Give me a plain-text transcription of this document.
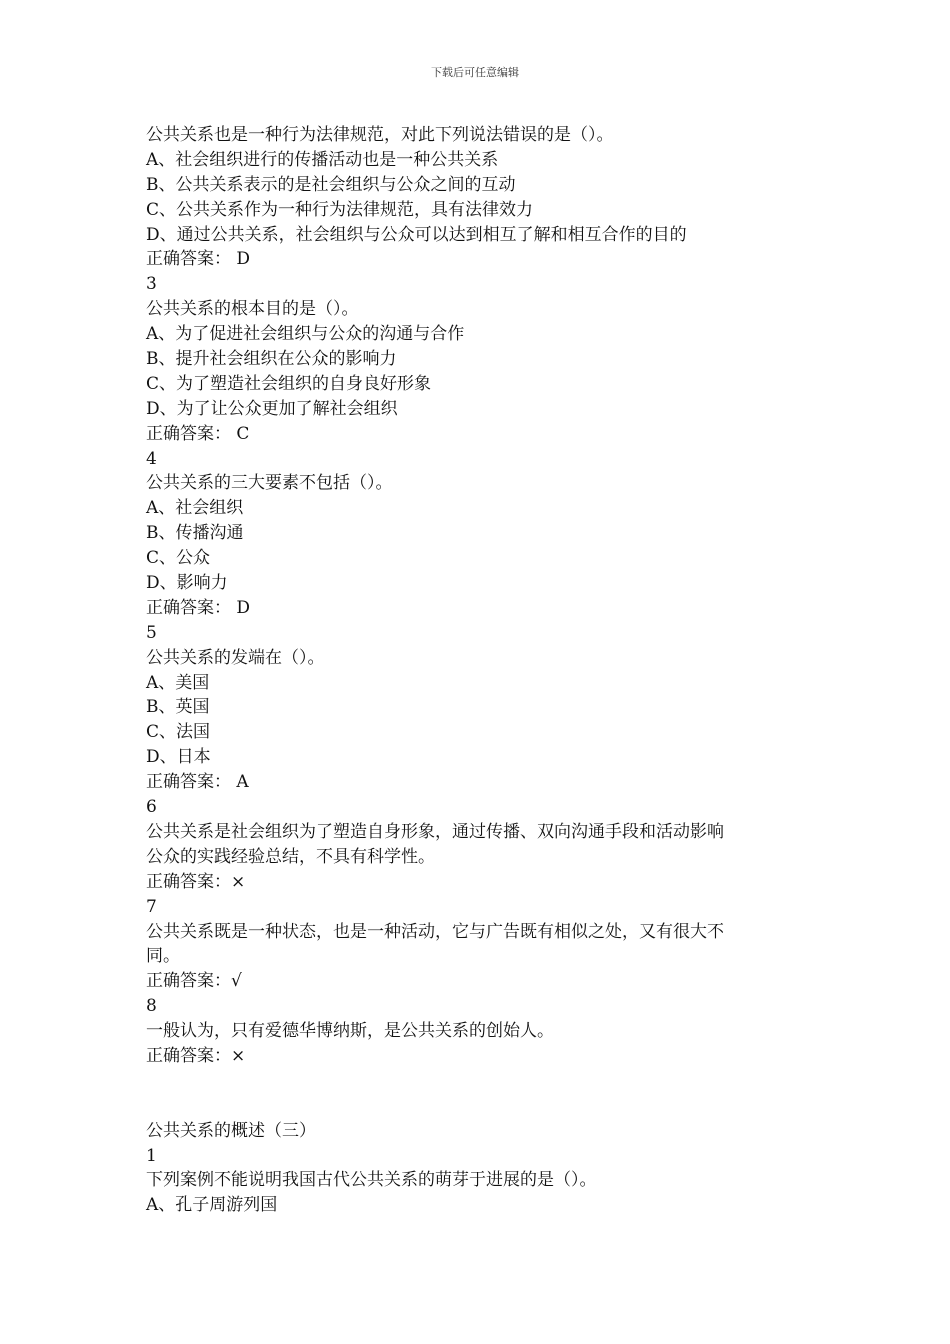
下载后可任意编辑
公共关系也是一种行为法律规范，对此下列说法错误的是（）。
A、社会组织进行的传播活动也是一种公共关系
B、公共关系表示的是社会组织与公众之间的互动
C、公共关系作为一种行为法律规范，具有法律效力
D、通过公共关系，社会组织与公众可以达到相互了解和相互合作的目的
正确答案： D
3
公共关系的根本目的是（）。
A、为了促进社会组织与公众的沟通与合作
B、提升社会组织在公众的影响力
C、为了塑造社会组织的自身良好形象
D、为了让公众更加了解社会组织
正确答案： C
4
公共关系的三大要素不包括（）。
A、社会组织
B、传播沟通
C、公众
D、影响力
正确答案： D
5
公共关系的发端在（）。
A、美国
B、英国
C、法国
D、日本
正确答案： A
6
公共关系是社会组织为了塑造自身形象，通过传播、双向沟通手段和活动影响
公众的实践经验总结，不具有科学性。
正确答案：×
7
公共关系既是一种状态，也是一种活动，它与广告既有相似之处，又有很大不
同。
正确答案：√
8
一般认为，只有爱德华博纳斯，是公共关系的创始人。
正确答案：×
公共关系的概述（三）
1
下列案例不能说明我国古代公共关系的萌芽于进展的是（）。
A、孔子周游列国
